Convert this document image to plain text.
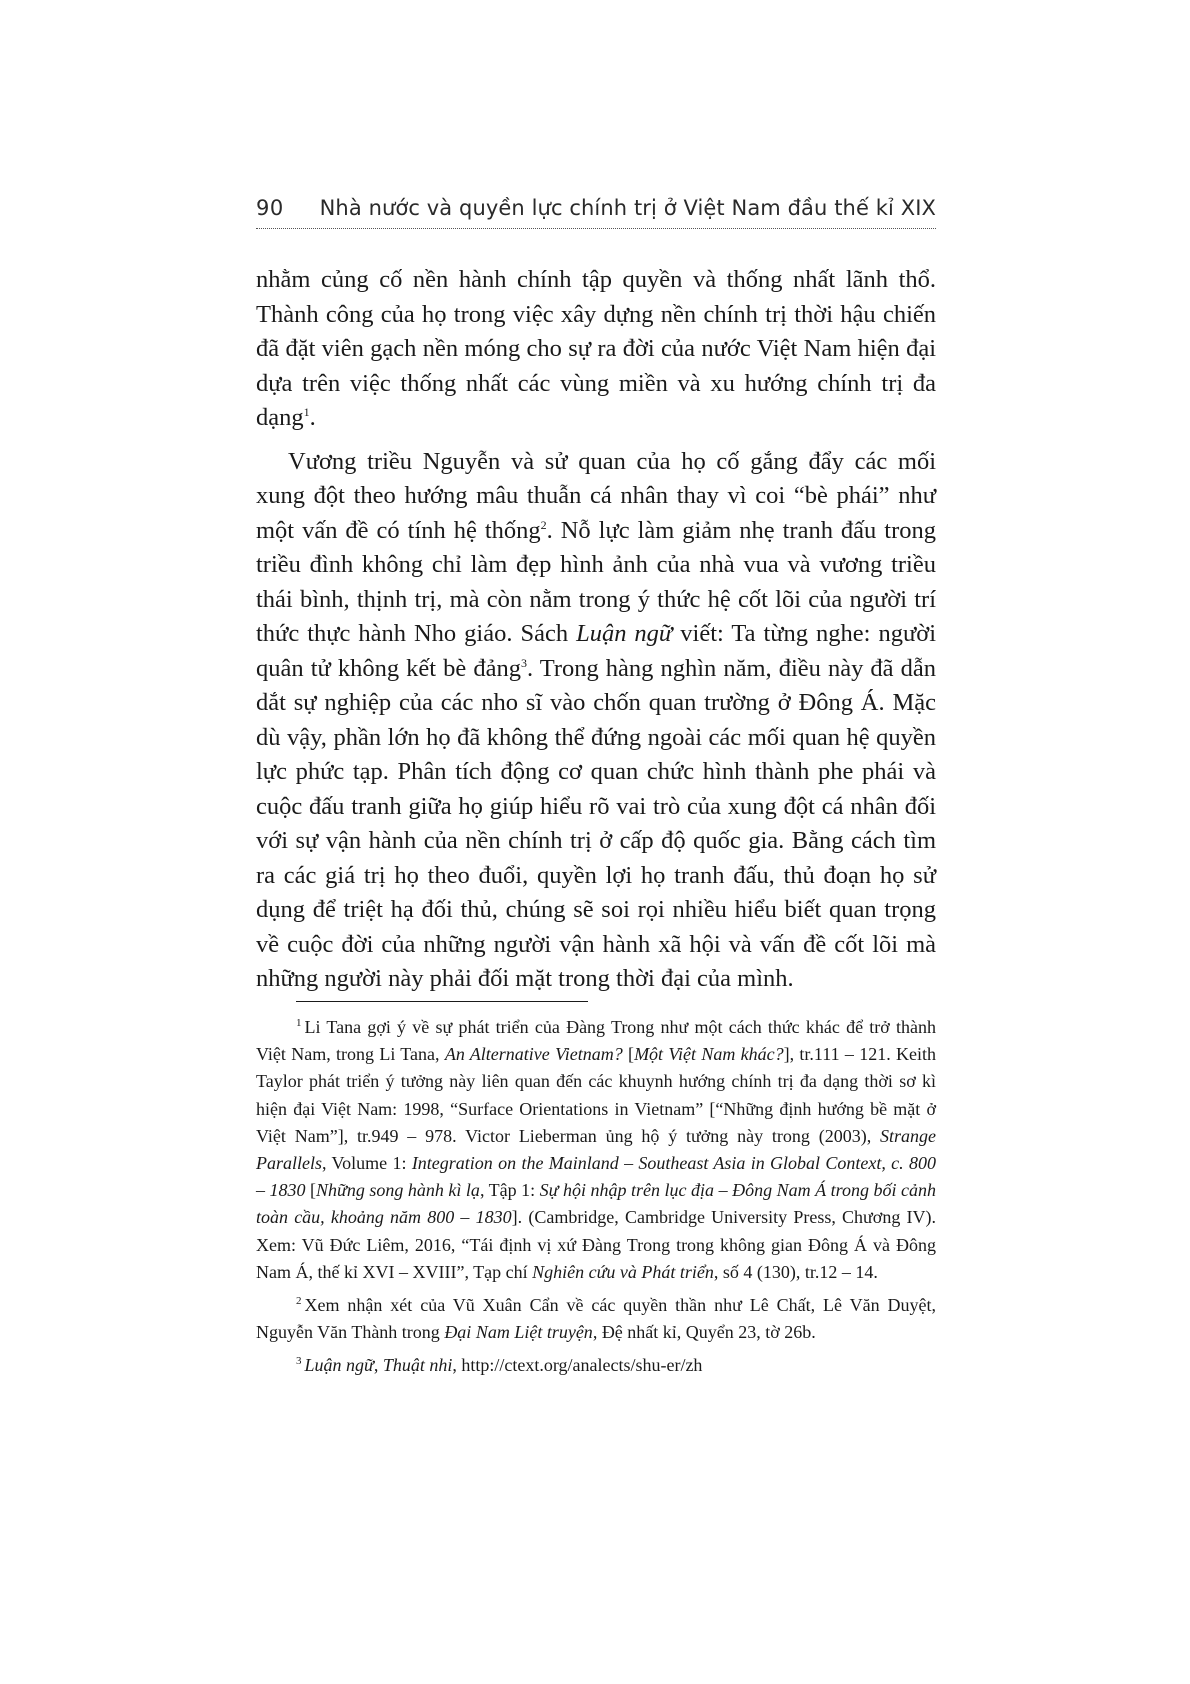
90 Nhà nước và quyền lực chính trị ở Việt Nam đầu thế kỉ XIX

nhằm củng cố nền hành chính tập quyền và thống nhất lãnh thổ. Thành công của họ trong việc xây dựng nền chính trị thời hậu chiến đã đặt viên gạch nền móng cho sự ra đời của nước Việt Nam hiện đại dựa trên việc thống nhất các vùng miền và xu hướng chính trị đa dạng$^1$.

Vương triều Nguyễn và sử quan của họ cố gắng đẩy các mối xung đột theo hướng mâu thuẫn cá nhân thay vì coi “bè phái” như một vấn đề có tính hệ thống$^2$. Nỗ lực làm giảm nhẹ tranh đấu trong triều đình không chỉ làm đẹp hình ảnh của nhà vua và vương triều thái bình, thịnh trị, mà còn nằm trong ý thức hệ cốt lõi của người trí thức thực hành Nho giáo. Sách Luận ngữ viết: Ta từng nghe: người quân tử không kết bè đảng$^3$. Trong hàng nghìn năm, điều này đã dẫn dắt sự nghiệp của các nho sĩ vào chốn quan trường ở Đông Á. Mặc dù vậy, phần lớn họ đã không thể đứng ngoài các mối quan hệ quyền lực phức tạp. Phân tích động cơ quan chức hình thành phe phái và cuộc đấu tranh giữa họ giúp hiểu rõ vai trò của xung đột cá nhân đối với sự vận hành của nền chính trị ở cấp độ quốc gia. Bằng cách tìm ra các giá trị họ theo đuổi, quyền lợi họ tranh đấu, thủ đoạn họ sử dụng để triệt hạ đối thủ, chúng sẽ soi rọi nhiều hiểu biết quan trọng về cuộc đời của những người vận hành xã hội và vấn đề cốt lõi mà những người này phải đối mặt trong thời đại của mình.

$^1$ Li Tana gợi ý về sự phát triển của Đàng Trong như một cách thức khác để trở thành Việt Nam, trong Li Tana, An Alternative Vietnam? [Một Việt Nam khác?], tr.111 – 121. Keith Taylor phát triển ý tưởng này liên quan đến các khuynh hướng chính trị đa dạng thời sơ kì hiện đại Việt Nam: 1998, “Surface Orientations in Vietnam” [“Những định hướng bề mặt ở Việt Nam”], tr.949 – 978. Victor Lieberman ủng hộ ý tưởng này trong (2003), Strange Parallels, Volume 1: Integration on the Mainland – Southeast Asia in Global Context, c. 800 – 1830 [Những song hành kì lạ, Tập 1: Sự hội nhập trên lục địa – Đông Nam Á trong bối cảnh toàn cầu, khoảng năm 800 – 1830]. (Cambridge, Cambridge University Press, Chương IV). Xem: Vũ Đức Liêm, 2016, “Tái định vị xứ Đàng Trong trong không gian Đông Á và Đông Nam Á, thế kỉ XVI – XVIII”, Tạp chí Nghiên cứu và Phát triển, số 4 (130), tr.12 – 14.

$^2$ Xem nhận xét của Vũ Xuân Cẩn về các quyền thần như Lê Chất, Lê Văn Duyệt, Nguyễn Văn Thành trong Đại Nam Liệt truyện, Đệ nhất kỉ, Quyển 23, tờ 26b.

$^3$ Luận ngữ, Thuật nhi, http://ctext.org/analects/shu-er/zh
